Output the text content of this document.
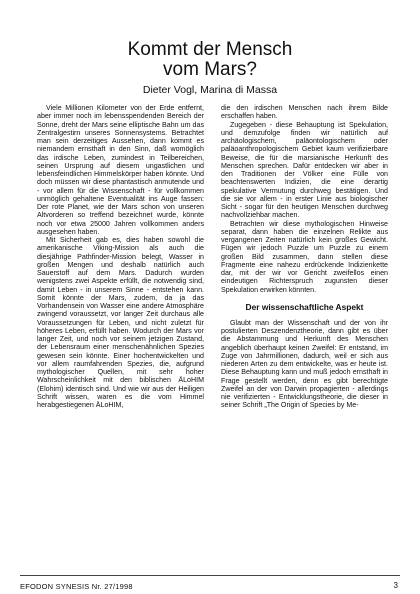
Kommt der Mensch
vom Mars?
Dieter Vogl, Marina di Massa

Viele Millionen Kilometer von der Erde entfernt, aber immer noch im lebensspendenden Bereich der Sonne, dreht der Mars seine elliptische Bahn um das Zentralgestirn unseres Sonnensystems. Betrachtet man sein derzeitiges Aussehen, dann kommt es niemandem ernsthaft in den Sinn, daß womöglich das irdische Leben, zumindest in Teilbereichen, seinen Ursprung auf diesem ungastlichen und lebensfeindlichen Himmelskörper haben könnte. Und doch müssen wir diese phantastisch anmutende und - vor allem für die Wissenschaft - für vollkommen unmöglich gehaltene Eventualität ins Auge fassen: Der rote Planet, wie der Mars schon von unseren Altvorderen so treffend bezeichnet wurde, könnte noch vor etwa 25000 Jahren vollkommen anders ausgesehen haben.

Mit Sicherheit gab es, dies haben sowohl die amerikanische Viking-Mission als auch die diesjährige Pathfinder-Mission belegt, Wasser in großen Mengen und deshalb natürlich auch Sauerstoff auf dem Mars. Dadurch wurden wenigstens zwei Aspekte erfüllt, die notwendig sind, damit Leben - in unserem Sinne - entstehen kann. Somit könnte der Mars, zudem, da ja das Vorhandensein von Wasser eine andere Atmosphäre zwingend voraussetzt, vor langer Zeit durchaus alle Voraussetzungen für Leben, und nicht zuletzt für höheres Leben, erfüllt haben. Wodurch der Mars vor langer Zeit, und noch vor seinem jetzigen Zustand, der Lebensraum einer menschenähnlichen Spezies gewesen sein könnte. Einer hochentwickelten und vor allem raumfahrenden Spezies, die, aufgrund mythologischer Quellen, mit sehr hoher Wahrscheinlichkeit mit den biblischen ÄLoHIM (Elohim) identisch sind. Und wie wir aus der Heiligen Schrift wissen, waren es die vom Himmel herabgestiegenen ÄLoHIM,

die den irdischen Menschen nach ihrem Bilde erschaffen haben.

Zugegeben - diese Behauptung ist Spekulation, und demzufolge finden wir natürlich auf archäologischem, paläontologischem oder paläoanthropologischem Gebiet kaum verifizierbare Beweise, die für die marsianische Herkunft des Menschen sprechen. Dafür entdecken wir aber in den Traditionen der Völker eine Fülle von beachtenswerten Indizien, die eine derartig spekulative Vermutung durchweg bestätigen. Und die sie vor allem - in erster Linie aus biologischer Sicht - sogar für den heutigen Menschen durchweg nachvollziehbar machen.

Betrachten wir diese mythologischen Hinweise separat, dann haben die einzelnen Relikte aus vergangenen Zeiten natürlich kein großes Gewicht. Fügen wir jedoch Puzzle um Puzzle zu einem großen Bild zusammen, dann stellen diese Fragmente eine nahezu erdrückende Indizienkette dar, mit der wir vor Gericht zweifellos einen eindeutigen Richterspruch zugunsten dieser Spekulation erwirken könnten.

Der wissenschaftliche Aspekt

Glaubt man der Wissenschaft und der von ihr postulierten Deszendenztheorie, dann gibt es über die Abstammung und Herkunft des Menschen angeblich überhaupt keinen Zweifel: Er entstand, im Zuge von Jahrmillionen, dadurch, weil er sich aus niederen Arten zu dem entwickelte, was er heute ist. Diese Behauptung kann und muß jedoch ernsthaft in Frage gestellt werden, denn es gibt berechtigte Zweifel an der von Darwin propagierten - allerdings nie verifizierten - Entwicklungstheorie, die dieser in seiner Schrift „The Origin of Species by Me-

EFODON SYNESIS Nr. 27/1998	3
